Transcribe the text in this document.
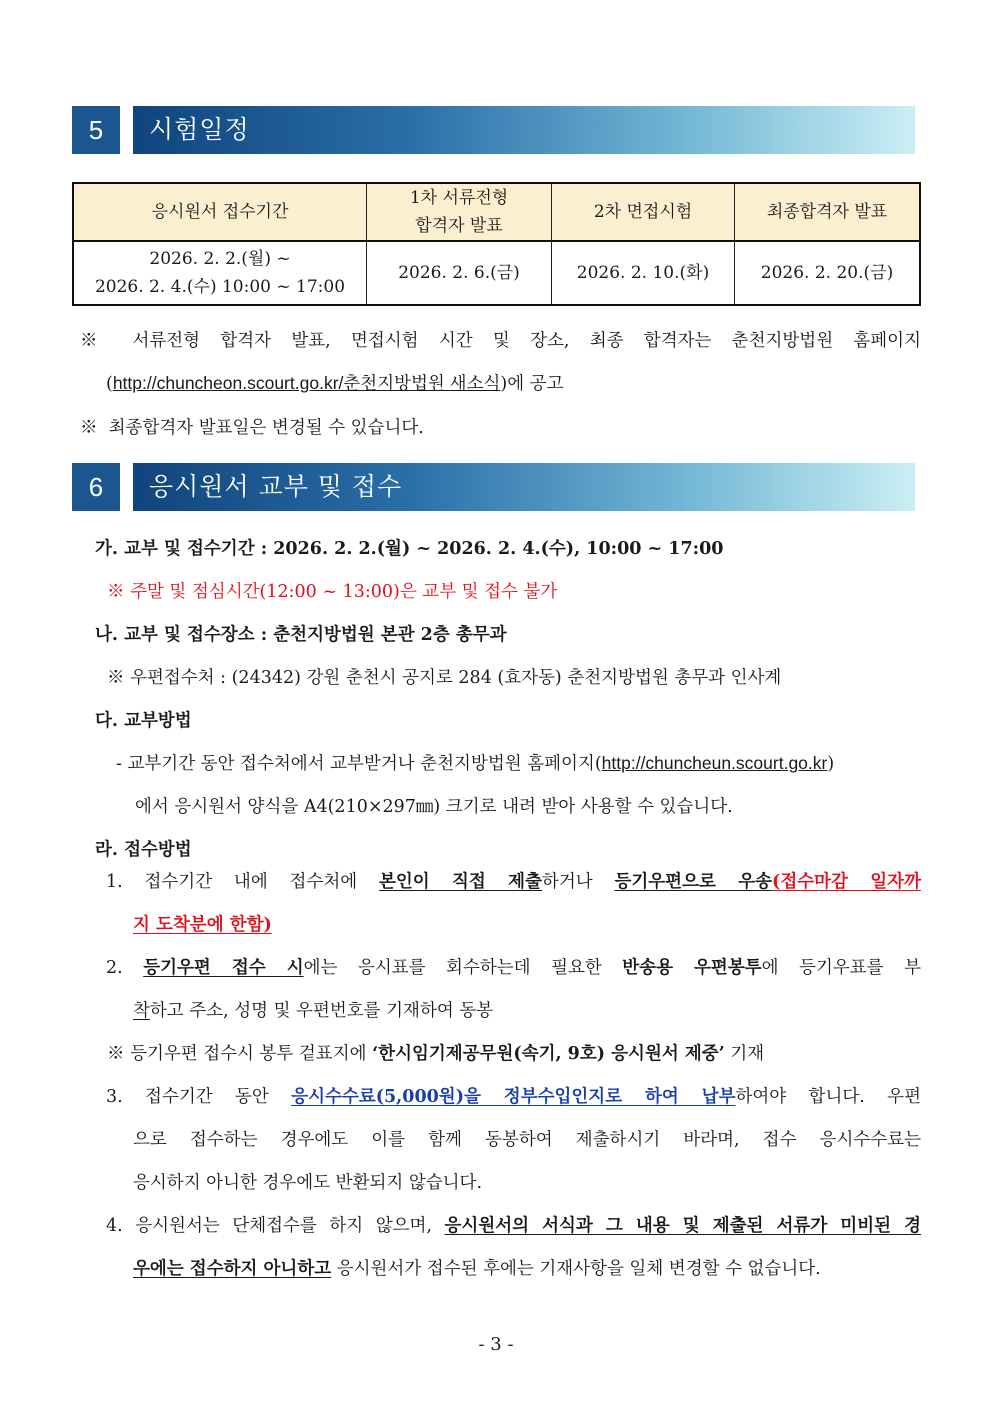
5	시험일정
응시원서 접수기간	1차 서류전형
합격자 발표	2차 면접시험	최종합격자 발표
2026. 2. 2.(월) ~
2026. 2. 4.(수) 10:00 ~ 17:00	2026. 2. 6.(금)	2026. 2. 10.(화)	2026. 2. 20.(금)
※ 서류전형 합격자 발표, 면접시험 시간 및 장소, 최종 합격자는 춘천지방법원 홈페이지
(http://chuncheon.scourt.go.kr/춘천지방법원 새소식)에 공고
※ 최종합격자 발표일은 변경될 수 있습니다.
6	응시원서 교부 및 접수
가. 교부 및 접수기간 : 2026. 2. 2.(월) ~ 2026. 2. 4.(수), 10:00 ~ 17:00
※ 주말 및 점심시간(12:00 ~ 13:00)은 교부 및 접수 불가
나. 교부 및 접수장소 : 춘천지방법원 본관 2층 총무과
※ 우편접수처 : (24342) 강원 춘천시 공지로 284 (효자동) 춘천지방법원 총무과 인사계
다. 교부방법
- 교부기간 동안 접수처에서 교부받거나 춘천지방법원 홈페이지(http://chuncheun.scourt.go.kr)
에서 응시원서 양식을 A4(210×297㎜) 크기로 내려 받아 사용할 수 있습니다.
라. 접수방법
1. 접수기간 내에 접수처에 본인이 직접 제출하거나 등기우편으로 우송(접수마감 일자까
지 도착분에 한함)
2. 등기우편 접수 시에는 응시표를 회수하는데 필요한 반송용 우편봉투에 등기우표를 부
착하고 주소, 성명 및 우편번호를 기재하여 동봉
※ 등기우편 접수시 봉투 겉표지에 ‘한시임기제공무원(속기, 9호) 응시원서 제중’ 기재
3. 접수기간 동안 응시수수료(5,000원)을 정부수입인지로 하여 납부하여야 합니다. 우편
으로 접수하는 경우에도 이를 함께 동봉하여 제출하시기 바라며, 접수 응시수수료는
응시하지 아니한 경우에도 반환되지 않습니다.
4. 응시원서는 단체접수를 하지 않으며, 응시원서의 서식과 그 내용 및 제출된 서류가 미비된 경
우에는 접수하지 아니하고 응시원서가 접수된 후에는 기재사항을 일체 변경할 수 없습니다.
- 3 -
